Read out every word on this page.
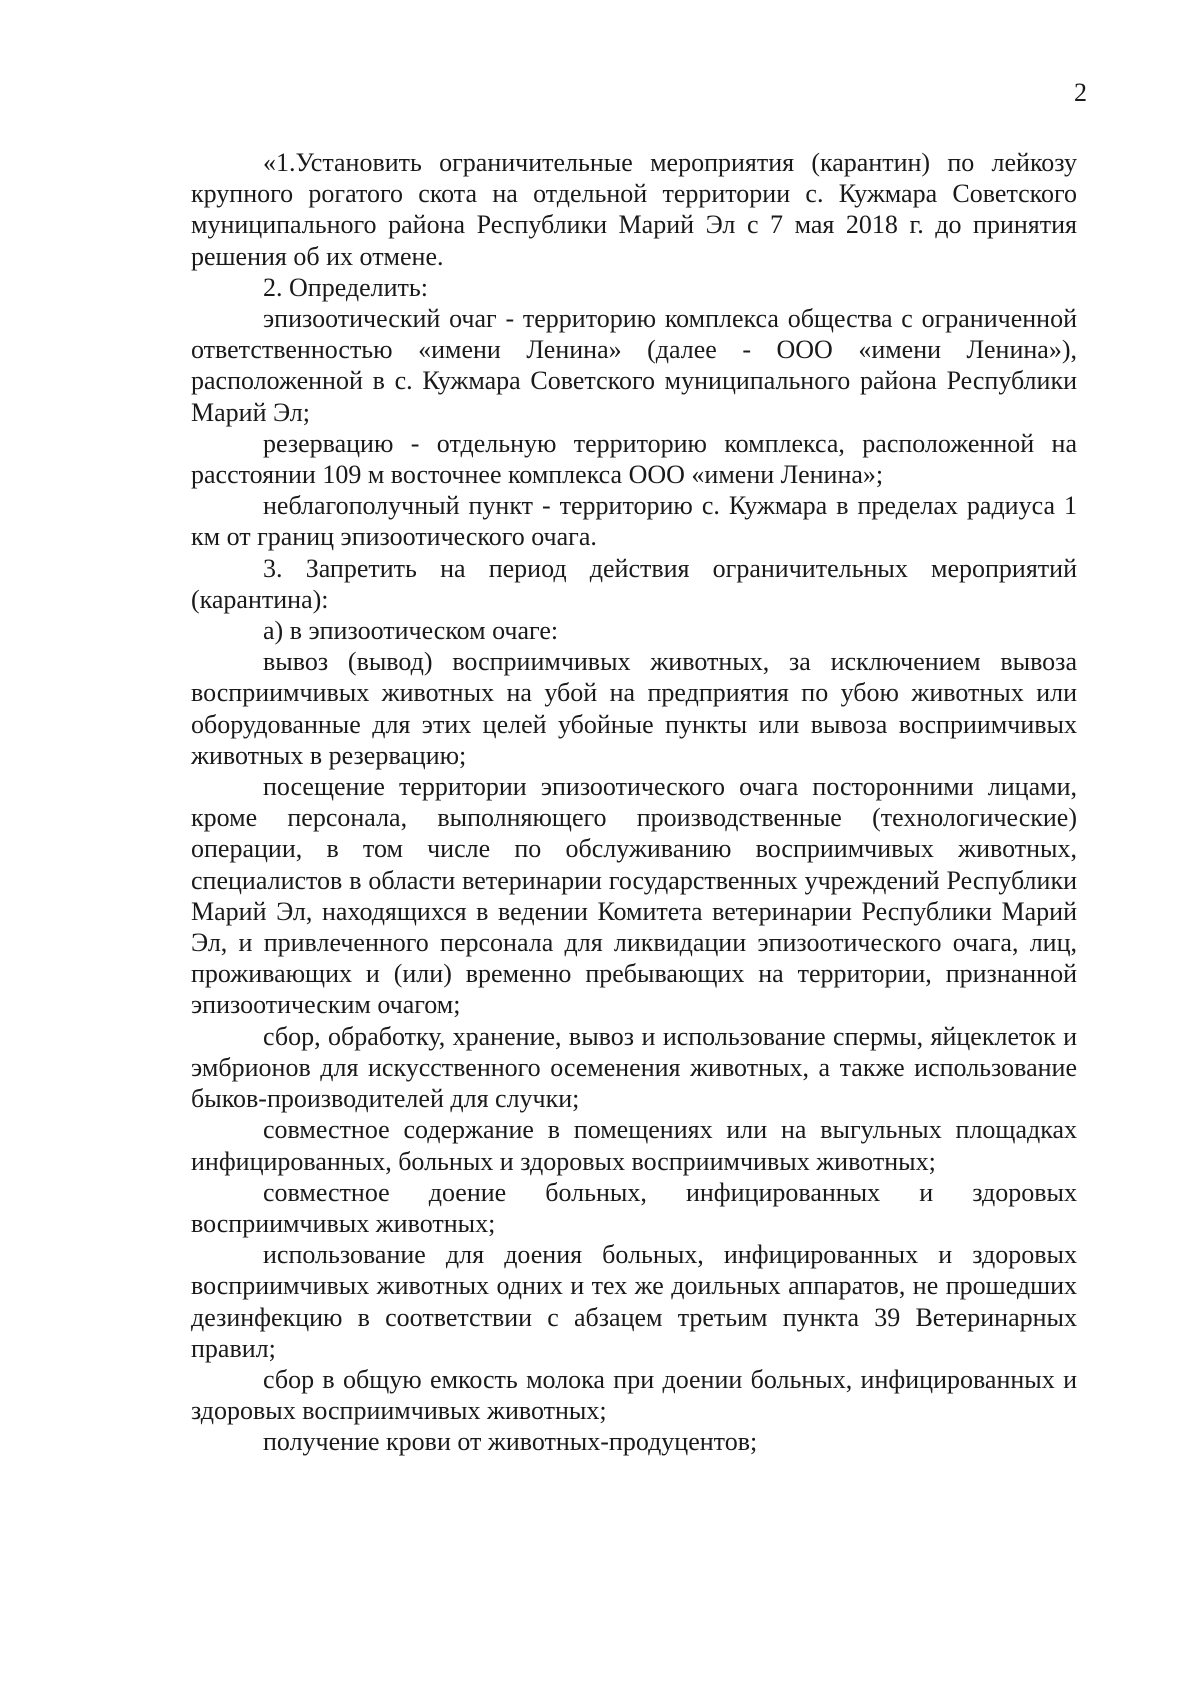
2

«1.Установить ограничительные мероприятия (карантин) по лейкозу крупного рогатого скота на отдельной территории с. Кужмара Советского муниципального района Республики Марий Эл с 7 мая 2018 г. до принятия решения об их отмене.

2. Определить:

эпизоотический очаг - территорию комплекса общества с ограниченной ответственностью «имени Ленина» (далее - ООО «имени Ленина»), расположенной в с. Кужмара Советского муниципального района Республики Марий Эл;

резервацию - отдельную территорию комплекса, расположенной на расстоянии 109 м восточнее комплекса ООО «имени Ленина»;

неблагополучный пункт - территорию с. Кужмара в пределах радиуса 1 км от границ эпизоотического очага.

3. Запретить на период действия ограничительных мероприятий (карантина):

а) в эпизоотическом очаге:

вывоз (вывод) восприимчивых животных, за исключением вывоза восприимчивых животных на убой на предприятия по убою животных или оборудованные для этих целей убойные пункты или вывоза восприимчивых животных в резервацию;

посещение территории эпизоотического очага посторонними лицами, кроме персонала, выполняющего производственные (технологические) операции, в том числе по обслуживанию восприимчивых животных, специалистов в области ветеринарии государственных учреждений Республики Марий Эл, находящихся в ведении Комитета ветеринарии Республики Марий Эл, и привлеченного персонала для ликвидации эпизоотического очага, лиц, проживающих и (или) временно пребывающих на территории, признанной эпизоотическим очагом;

сбор, обработку, хранение, вывоз и использование спермы, яйцеклеток и эмбрионов для искусственного осеменения животных, а также использование быков-производителей для случки;

совместное содержание в помещениях или на выгульных площадках инфицированных, больных и здоровых восприимчивых животных;

совместное доение больных, инфицированных и здоровых восприимчивых животных;

использование для доения больных, инфицированных и здоровых восприимчивых животных одних и тех же доильных аппаратов, не прошедших дезинфекцию в соответствии с абзацем третьим пункта 39 Ветеринарных правил;

сбор в общую емкость молока при доении больных, инфицированных и здоровых восприимчивых животных;

получение крови от животных-продуцентов;
